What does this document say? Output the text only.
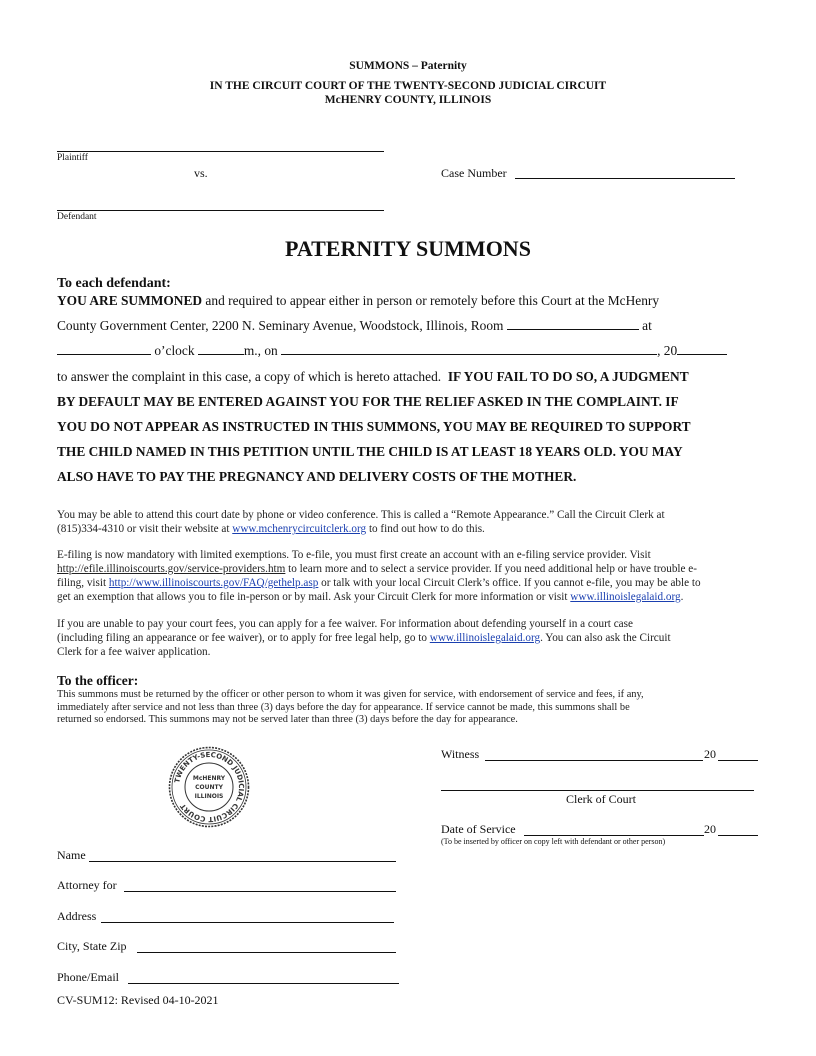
SUMMONS – Paternity
IN THE CIRCUIT COURT OF THE TWENTY-SECOND JUDICIAL CIRCUIT
McHENRY COUNTY, ILLINOIS
Plaintiff
vs.	Case Number
Defendant
PATERNITY SUMMONS
To each defendant:
YOU ARE SUMMONED and required to appear either in person or remotely before this Court at the McHenry
County Government Center, 2200 N. Seminary Avenue, Woodstock, Illinois, Room	at
o’clock	m., on	, 20
to answer the complaint in this case, a copy of which is hereto attached. IF YOU FAIL TO DO SO, A JUDGMENT
BY DEFAULT MAY BE ENTERED AGAINST YOU FOR THE RELIEF ASKED IN THE COMPLAINT. IF
YOU DO NOT APPEAR AS INSTRUCTED IN THIS SUMMONS, YOU MAY BE REQUIRED TO SUPPORT
THE CHILD NAMED IN THIS PETITION UNTIL THE CHILD IS AT LEAST 18 YEARS OLD. YOU MAY
ALSO HAVE TO PAY THE PREGNANCY AND DELIVERY COSTS OF THE MOTHER.
You may be able to attend this court date by phone or video conference. This is called a “Remote Appearance.” Call the Circuit Clerk at
(815)334-4310 or visit their website at www.mchenrycircuitclerk.org to find out how to do this.
E-filing is now mandatory with limited exemptions. To e-file, you must first create an account with an e-filing service provider. Visit
http://efile.illinoiscourts.gov/service-providers.htm to learn more and to select a service provider. If you need additional help or have trouble e-
filing, visit http://www.illinoiscourts.gov/FAQ/gethelp.asp or talk with your local Circuit Clerk’s office. If you cannot e-file, you may be able to
get an exemption that allows you to file in-person or by mail. Ask your Circuit Clerk for more information or visit www.illinoislegalaid.org.
If you are unable to pay your court fees, you can apply for a fee waiver. For information about defending yourself in a court case
(including filing an appearance or fee waiver), or to apply for free legal help, go to www.illinoislegalaid.org. You can also ask the Circuit
Clerk for a fee waiver application.
To the officer:
This summons must be returned by the officer or other person to whom it was given for service, with endorsement of service and fees, if any,
immediately after service and not less than three (3) days before the day for appearance. If service cannot be made, this summons shall be
returned so endorsed. This summons may not be served later than three (3) days before the day for appearance.
TWENTY-SECOND JUDICIAL CIRCUIT COURT
McHENRY
COUNTY
ILLINOIS
Witness	20
Clerk of Court
Date of Service	20
(To be inserted by officer on copy left with defendant or other person)
Name
Attorney for
Address
City, State Zip
Phone/Email
CV-SUM12: Revised 04-10-2021
